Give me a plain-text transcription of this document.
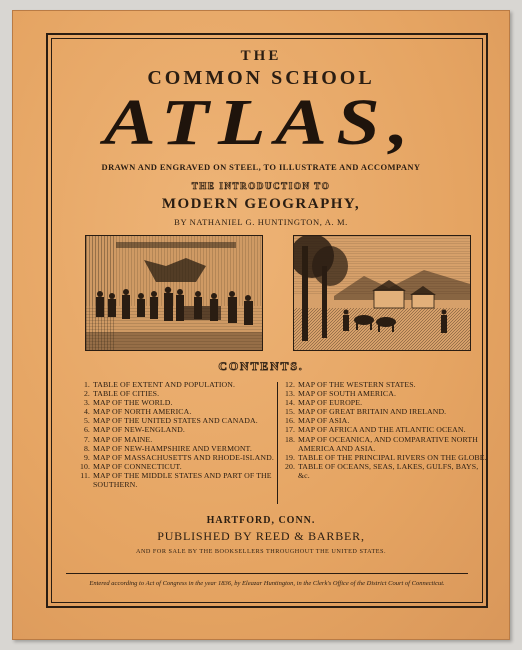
THE
COMMON SCHOOL
ATLAS,
DRAWN AND ENGRAVED ON STEEL, TO ILLUSTRATE AND ACCOMPANY
THE INTRODUCTION TO
MODERN GEOGRAPHY,
BY NATHANIEL G. HUNTINGTON, A. M.
CONTENTS.
1. TABLE OF EXTENT AND POPULATION.
2. TABLE OF CITIES.
3. MAP OF THE WORLD.
4. MAP OF NORTH AMERICA.
5. MAP OF THE UNITED STATES AND CANADA.
6. MAP OF NEW-ENGLAND.
7. MAP OF MAINE.
8. MAP OF NEW-HAMPSHIRE AND VERMONT.
9. MAP OF MASSACHUSETTS AND RHODE-ISLAND.
10. MAP OF CONNECTICUT.
11. MAP OF THE MIDDLE STATES AND PART OF THE SOUTHERN.
12. MAP OF THE WESTERN STATES.
13. MAP OF SOUTH AMERICA.
14. MAP OF EUROPE.
15. MAP OF GREAT BRITAIN AND IRELAND.
16. MAP OF ASIA.
17. MAP OF AFRICA AND THE ATLANTIC OCEAN.
18. MAP OF OCEANICA, AND COMPARATIVE NORTH AMERICA AND ASIA.
19. TABLE OF THE PRINCIPAL RIVERS ON THE GLOBE.
20. TABLE OF OCEANS, SEAS, LAKES, GULFS, BAYS, &c.
HARTFORD, CONN.
PUBLISHED BY REED & BARBER,
AND FOR SALE BY THE BOOKSELLERS THROUGHOUT THE UNITED STATES.
Entered according to Act of Congress in the year 1836, by Eleazar Huntington, in the Clerk's Office of the District Court of Connecticut.
